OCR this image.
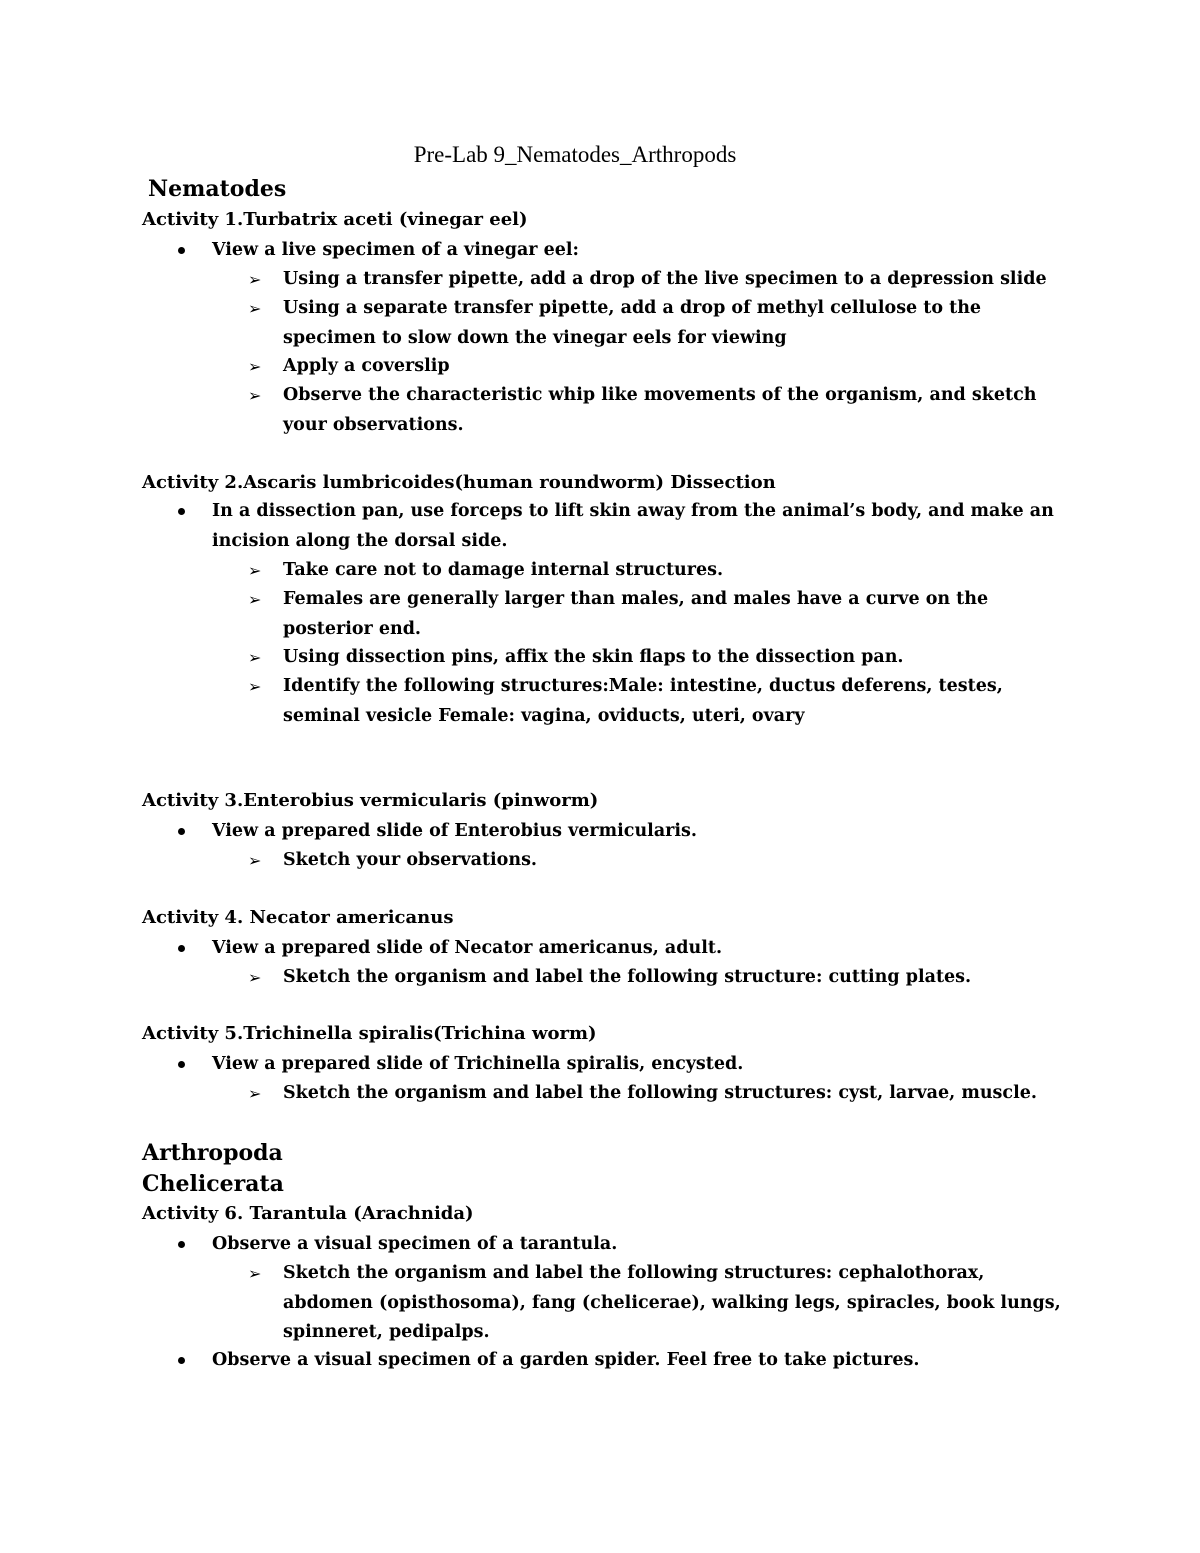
Pre-Lab 9_Nematodes_Arthropods
Nematodes
Activity 1.Turbatrix aceti (vinegar eel)
View a live specimen of a vinegar eel:
➢ Using a transfer pipette, add a drop of the live specimen to a depression slide
➢ Using a separate transfer pipette, add a drop of methyl cellulose to the specimen to slow down the vinegar eels for viewing
➢ Apply a coverslip
➢ Observe the characteristic whip like movements of the organism, and sketch your observations.
Activity 2.Ascaris lumbricoides(human roundworm) Dissection
In a dissection pan, use forceps to lift skin away from the animal’s body, and make an incision along the dorsal side.
➢ Take care not to damage internal structures.
➢ Females are generally larger than males, and males have a curve on the posterior end.
➢ Using dissection pins, affix the skin flaps to the dissection pan.
➢ Identify the following structures:Male: intestine, ductus deferens, testes, seminal vesicle Female: vagina, oviducts, uteri, ovary
Activity 3.Enterobius vermicularis (pinworm)
View a prepared slide of Enterobius vermicularis.
➢ Sketch your observations.
Activity 4. Necator americanus
View a prepared slide of Necator americanus, adult.
➢ Sketch the organism and label the following structure: cutting plates.
Activity 5.Trichinella spiralis(Trichina worm)
View a prepared slide of Trichinella spiralis, encysted.
➢ Sketch the organism and label the following structures: cyst, larvae, muscle.
Arthropoda
Chelicerata
Activity 6. Tarantula (Arachnida)
Observe a visual specimen of a tarantula.
➢ Sketch the organism and label the following structures: cephalothorax, abdomen (opisthosoma), fang (chelicerae), walking legs, spiracles, book lungs, spinneret, pedipalps.
Observe a visual specimen of a garden spider. Feel free to take pictures.
